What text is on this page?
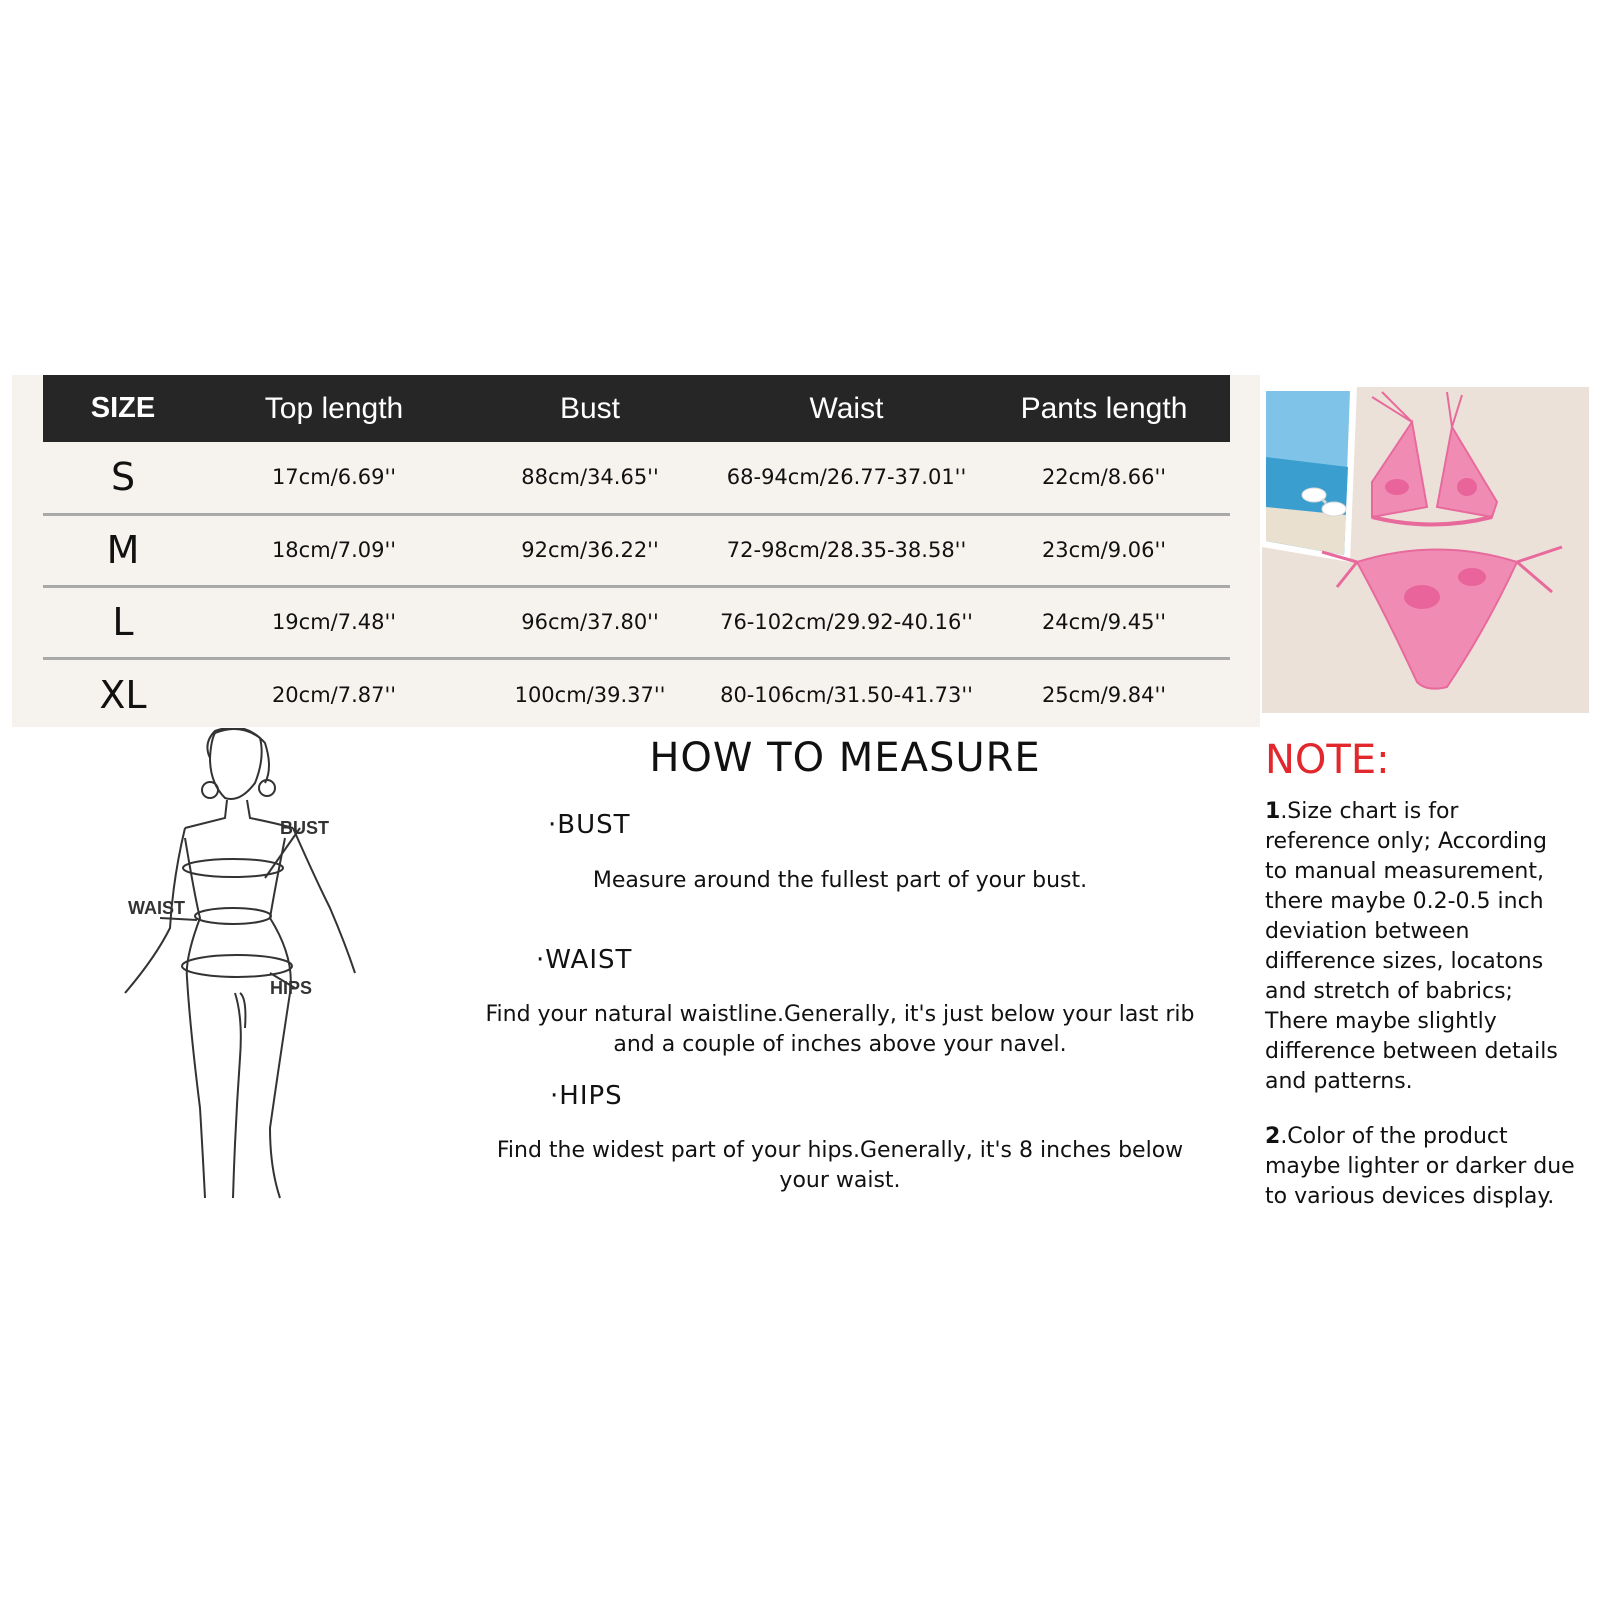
SIZE	Top length	Bust	Waist	Pants length
S	17cm/6.69''	88cm/34.65''	68-94cm/26.77-37.01''	22cm/8.66''
M	18cm/7.09''	92cm/36.22''	72-98cm/28.35-38.58''	23cm/9.06''
L	19cm/7.48''	96cm/37.80''	76-102cm/29.92-40.16''	24cm/9.45''
XL	20cm/7.87''	100cm/39.37''	80-106cm/31.50-41.73''	25cm/9.84''
BUST
WAIST
HIPS
HOW TO MEASURE
·BUST
Measure around the fullest part of your bust.
·WAIST
Find your natural waistline.Generally, it's just below your last rib and a couple of inches above your navel.
·HIPS
Find the widest part of your hips.Generally, it's 8 inches below your waist.
NOTE:
1.Size chart is for
reference only; According
to manual measurement,
there maybe 0.2-0.5 inch
deviation between
difference sizes, locatons
and stretch of babrics;
There maybe slightly
difference between details
and patterns.
2.Color of the product
maybe lighter or darker due
to various devices display.
